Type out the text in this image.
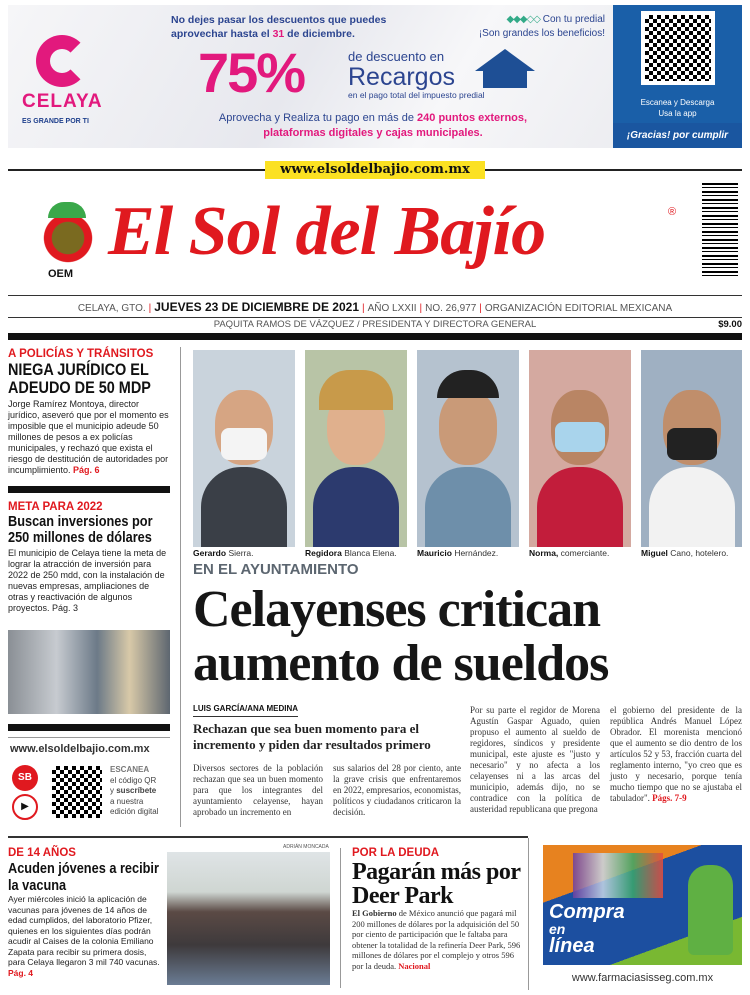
CELAYA
ES GRANDE POR TI
No dejes pasar los descuentos que puedes
aprovechar hasta el 31 de diciembre.
◆◆◆◇◇ Con tu predial
¡Son grandes los beneficios!
75%	de descuento en
Recargos
en el pago total del impuesto predial
Aprovecha y Realiza tu pago en más de 240 puntos externos,
plataformas digitales y cajas municipales.
Escanea y Descarga
Usa la app
¡Gracias! por cumplir
www.elsoldelbajio.com.mx
OEM
El Sol del Bajío	®
CELAYA, GTO. | JUEVES 23 DE DICIEMBRE DE 2021 | AÑO LXXII | NO. 26,977 | ORGANIZACIÓN EDITORIAL MEXICANA
PAQUITA RAMOS DE VÁZQUEZ / PRESIDENTA Y DIRECTORA GENERAL	$9.00
A POLICÍAS Y TRÁNSITOS
NIEGA JURÍDICO EL ADEUDO DE 50 MDP
Jorge Ramírez Montoya, director jurídico, aseveró que por el momento es imposible que el municipio adeude 50 millones de pesos a ex policías municipales, y rechazó que exista el riesgo de destitución de autoridades por incumplimiento. Pág. 6
META PARA 2022
Buscan inversiones por 250 millones de dólares
El municipio de Celaya tiene la meta de lograr la atracción de inversión para 2022 de 250 mdd, con la instalación de nuevas empresas, ampliaciones de otras y reactivación de algunos proyectos. Pág. 3
www.elsoldelbajio.com.mx
SB
▶
ESCANEA
el código QR
y suscríbete
a nuestra
edición digital
Gerardo Sierra.	Regidora Blanca Elena. Mauricio Hernández.	Norma, comerciante.	Miguel Cano, hotelero.
EN EL AYUNTAMIENTO
Celayenses critican aumento de sueldos
LUIS GARCÍA/ANA MEDINA
Rechazan que sea buen momento para el incremento y piden dar resultados primero
Diversos sectores de la población rechazan que sea un buen momento para que los integrantes del ayuntamiento celayense, hayan aprobado un incremento en
sus salarios del 28 por ciento, ante la grave crisis que enfrentaremos en 2022, empresarios, economistas, políticos y ciudadanos criticaron la decisión.
Por su parte el regidor de Morena Agustín Gaspar Aguado, quien propuso el aumento al sueldo de regidores, síndicos y presidente municipal, este ajuste es "justo y necesario" y no afecta a los celayenses ni a las arcas del municipio, además dijo, no se contradice con la política de austeridad republicana que pregona
el gobierno del presidente de la república Andrés Manuel López Obrador. El morenista mencionó que el aumento se dio dentro de los artículos 52 y 53, fracción cuarta del reglamento interno, "yo creo que es justo y necesario, porque tenía mucho tiempo que no se ajustaba el tabulador". Págs. 7-9
DE 14 AÑOS
Acuden jóvenes a recibir la vacuna
Ayer miércoles inició la aplicación de vacunas para jóvenes de 14 años de edad cumplidos, del laboratorio Pfizer, quienes en los siguientes días podrán acudir al Caises de la colonia Emiliano Zapata para recibir su primera dosis, para Celaya llegaron 3 mil 740 vacunas. Pág. 4
ADRIÁN MONCADA POR LA DEUDA
Pagarán más por Deer Park
El Gobierno de México anunció que pagará mil 200 millones de dólares por la adquisición del 50 por ciento de participación que le faltaba para obtener la totalidad de la refinería Deer Park, 596 millones de dólares por el complejo y otros 596 por la deuda. Nacional
Compra
en
línea
www.farmaciasisseg.com.mx
